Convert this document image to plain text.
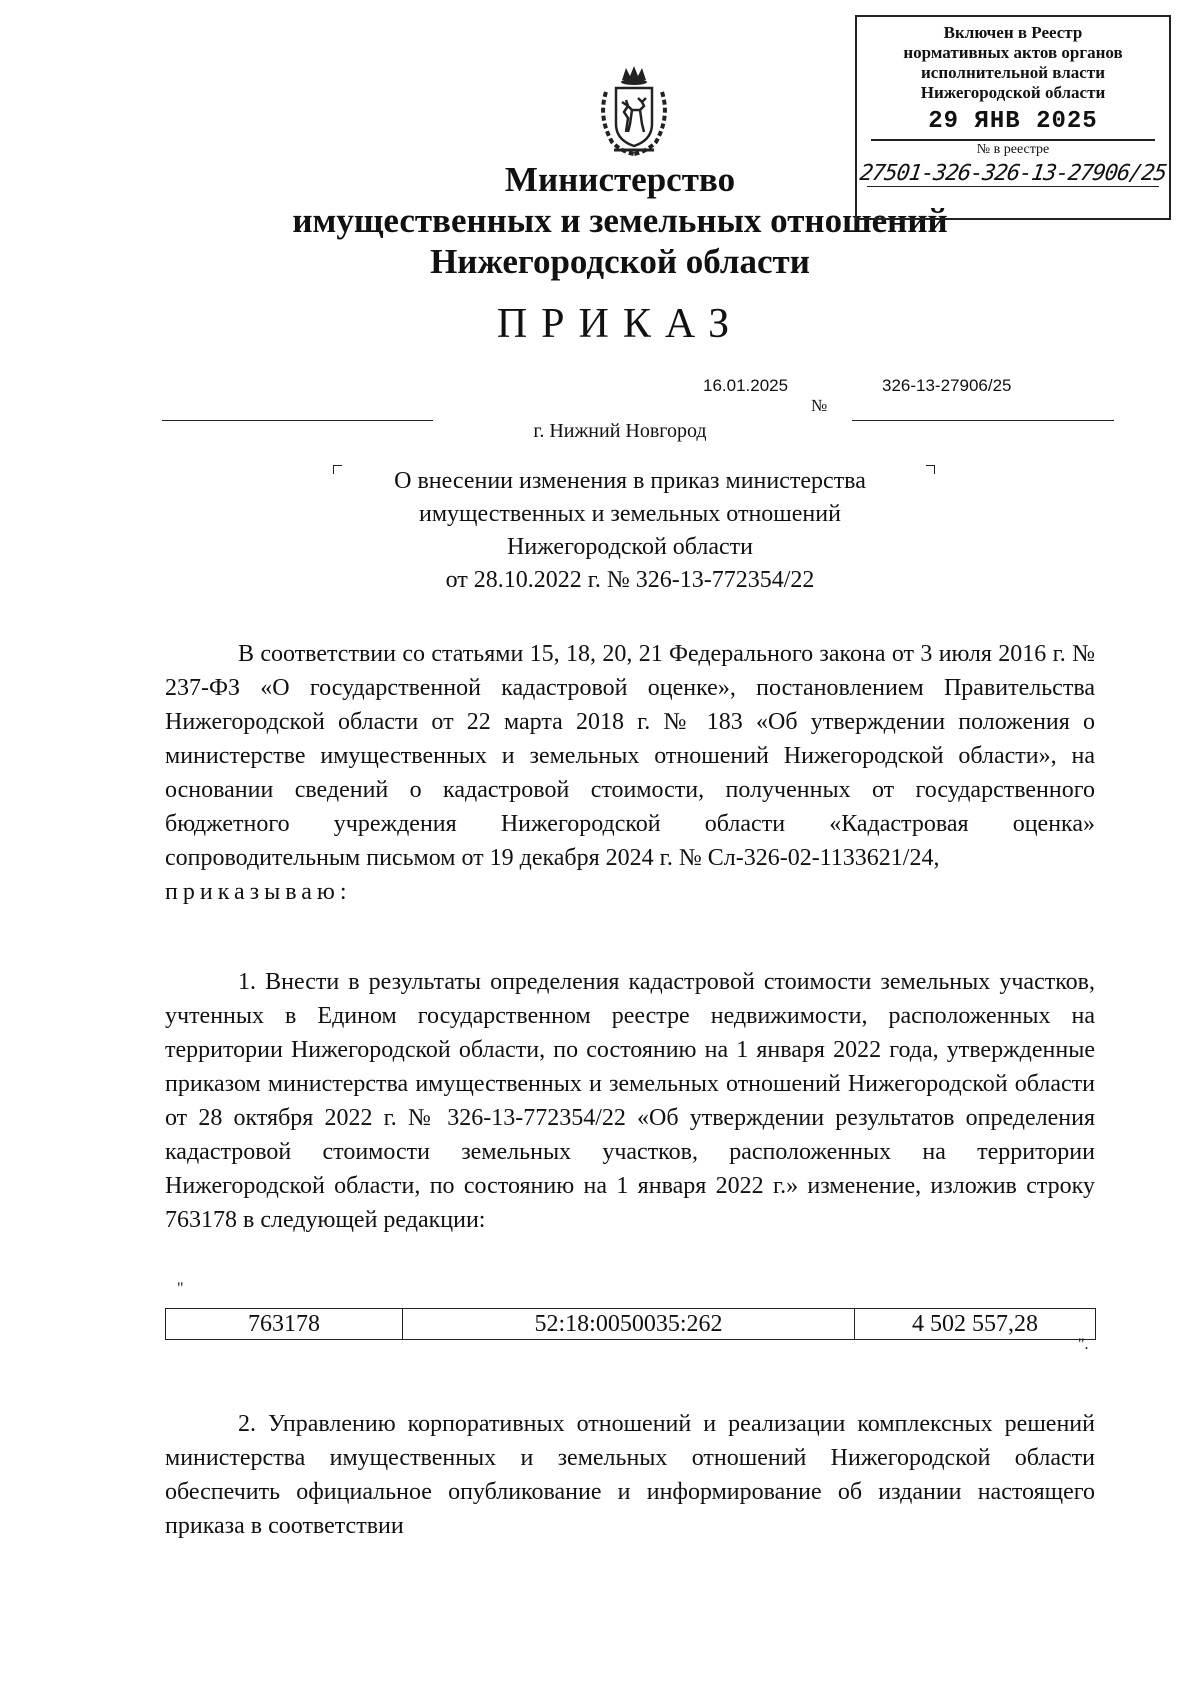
Министерство
имущественных и земельных отношений
Нижегородской области
ПРИКАЗ
16.01.2025	326-13-27906/25
№
г. Нижний Новгород
Включен в Реестр
нормативных актов органов
исполнительной власти
Нижегородской области
29 ЯНВ 2025
№ в реестре
27501-326-326-13-27906/25
О внесении изменения в приказ министерства
имущественных и земельных отношений
Нижегородской области
от 28.10.2022 г. № 326-13-772354/22
В соответствии со статьями 15, 18, 20, 21 Федерального закона от 3 июля 2016 г. № 237-ФЗ «О государственной кадастровой оценке», постановлением Правительства Нижегородской области от 22 марта 2018 г. № 183 «Об утверждении положения о министерстве имущественных и земельных отношений Нижегородской области», на основании сведений о кадастровой стоимости, полученных от государственного бюджетного учреждения Нижегородской области «Кадастровая оценка» сопроводительным письмом от 19 декабря 2024 г. № Сл-326-02-1133621/24,
приказываю:
1. Внести в результаты определения кадастровой стоимости земельных участков, учтенных в Едином государственном реестре недвижимости, расположенных на территории Нижегородской области, по состоянию на 1 января 2022 года, утвержденные приказом министерства имущественных и земельных отношений Нижегородской области от 28 октября 2022 г. № 326-13-772354/22 «Об утверждении результатов определения кадастровой стоимости земельных участков, расположенных на территории Нижегородской области, по состоянию на 1 января 2022 г.» изменение, изложив строку 763178 в следующей редакции:
"
763178	52:18:0050035:262	4 502 557,28
".
2. Управлению корпоративных отношений и реализации комплексных решений министерства имущественных и земельных отношений Нижегородской области обеспечить официальное опубликование и информирование об издании настоящего приказа в соответствии
